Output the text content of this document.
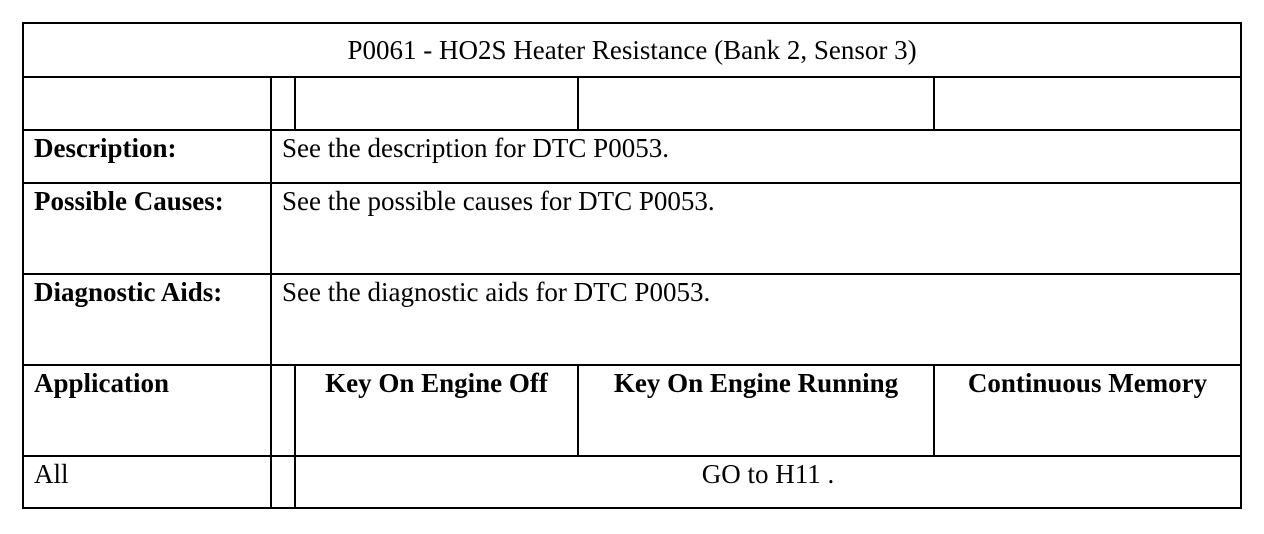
P0061 - HO2S Heater Resistance (Bank 2, Sensor 3)				

Description:	See the description for DTC P0053.			
Possible Causes:	See the possible causes for DTC P0053.			
Diagnostic Aids:	See the diagnostic aids for DTC P0053.			
Application		Key On Engine Off	Key On Engine Running	Continuous Memory
All		GO to H11 .		
